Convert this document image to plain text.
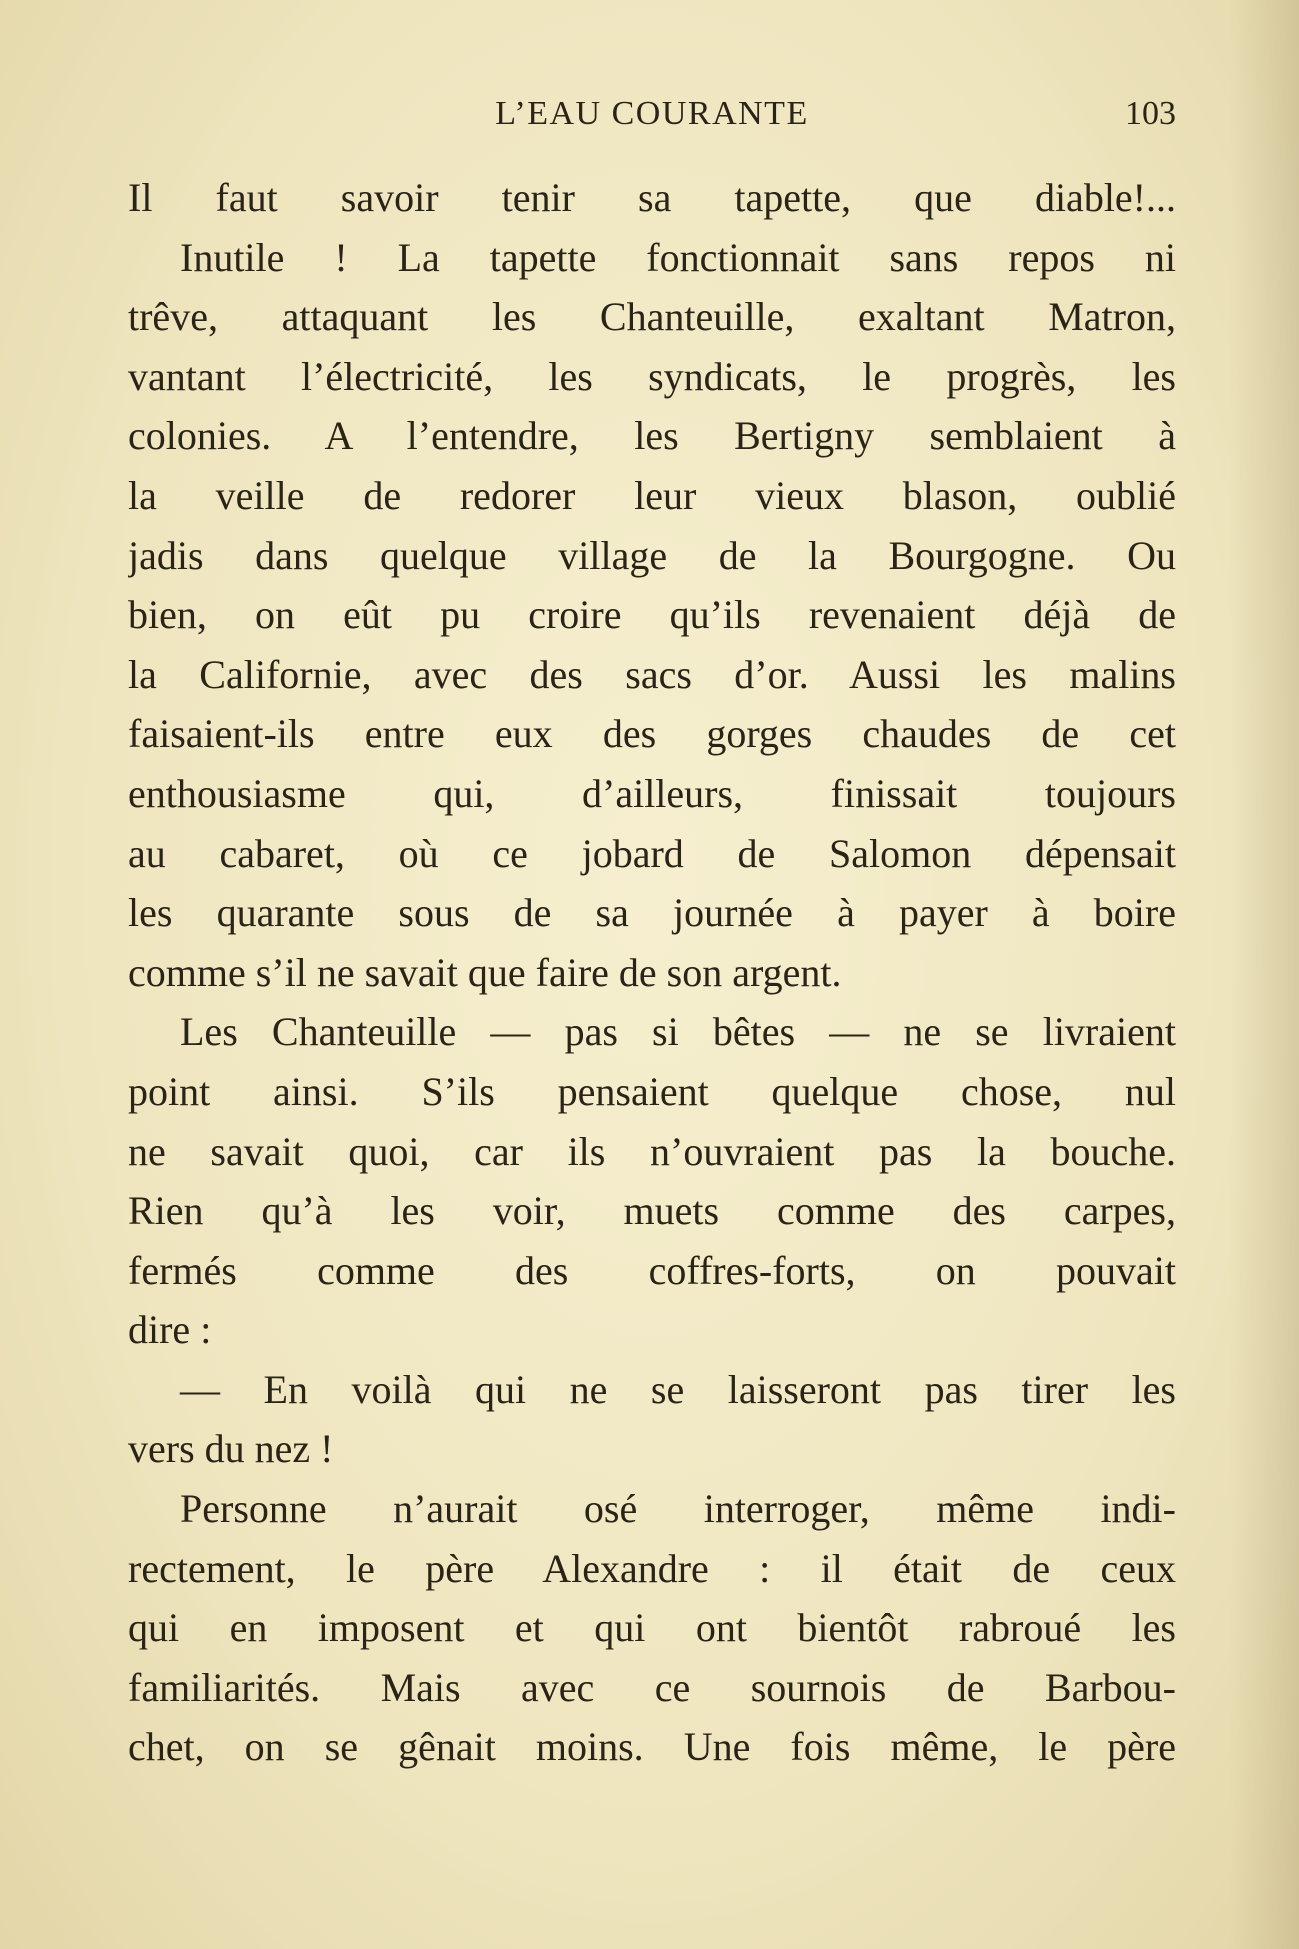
L’EAU COURANTE	103
Il faut savoir tenir sa tapette, que diable!...
Inutile ! La tapette fonctionnait sans repos ni
trêve, attaquant les Chanteuille, exaltant Matron,
vantant l’électricité, les syndicats, le progrès, les
colonies. A l’entendre, les Bertigny semblaient à
la veille de redorer leur vieux blason, oublié
jadis dans quelque village de la Bourgogne. Ou
bien, on eût pu croire qu’ils revenaient déjà de
la Californie, avec des sacs d’or. Aussi les malins
faisaient-ils entre eux des gorges chaudes de cet
enthousiasme qui, d’ailleurs, finissait toujours
au cabaret, où ce jobard de Salomon dépensait
les quarante sous de sa journée à payer à boire
comme s’il ne savait que faire de son argent.
Les Chanteuille — pas si bêtes — ne se livraient
point ainsi. S’ils pensaient quelque chose, nul
ne savait quoi, car ils n’ouvraient pas la bouche.
Rien qu’à les voir, muets comme des carpes,
fermés comme des coffres-forts, on pouvait
dire :
— En voilà qui ne se laisseront pas tirer les
vers du nez !
Personne n’aurait osé interroger, même indi-
rectement, le père Alexandre : il était de ceux
qui en imposent et qui ont bientôt rabroué les
familiarités. Mais avec ce sournois de Barbou-
chet, on se gênait moins. Une fois même, le père
